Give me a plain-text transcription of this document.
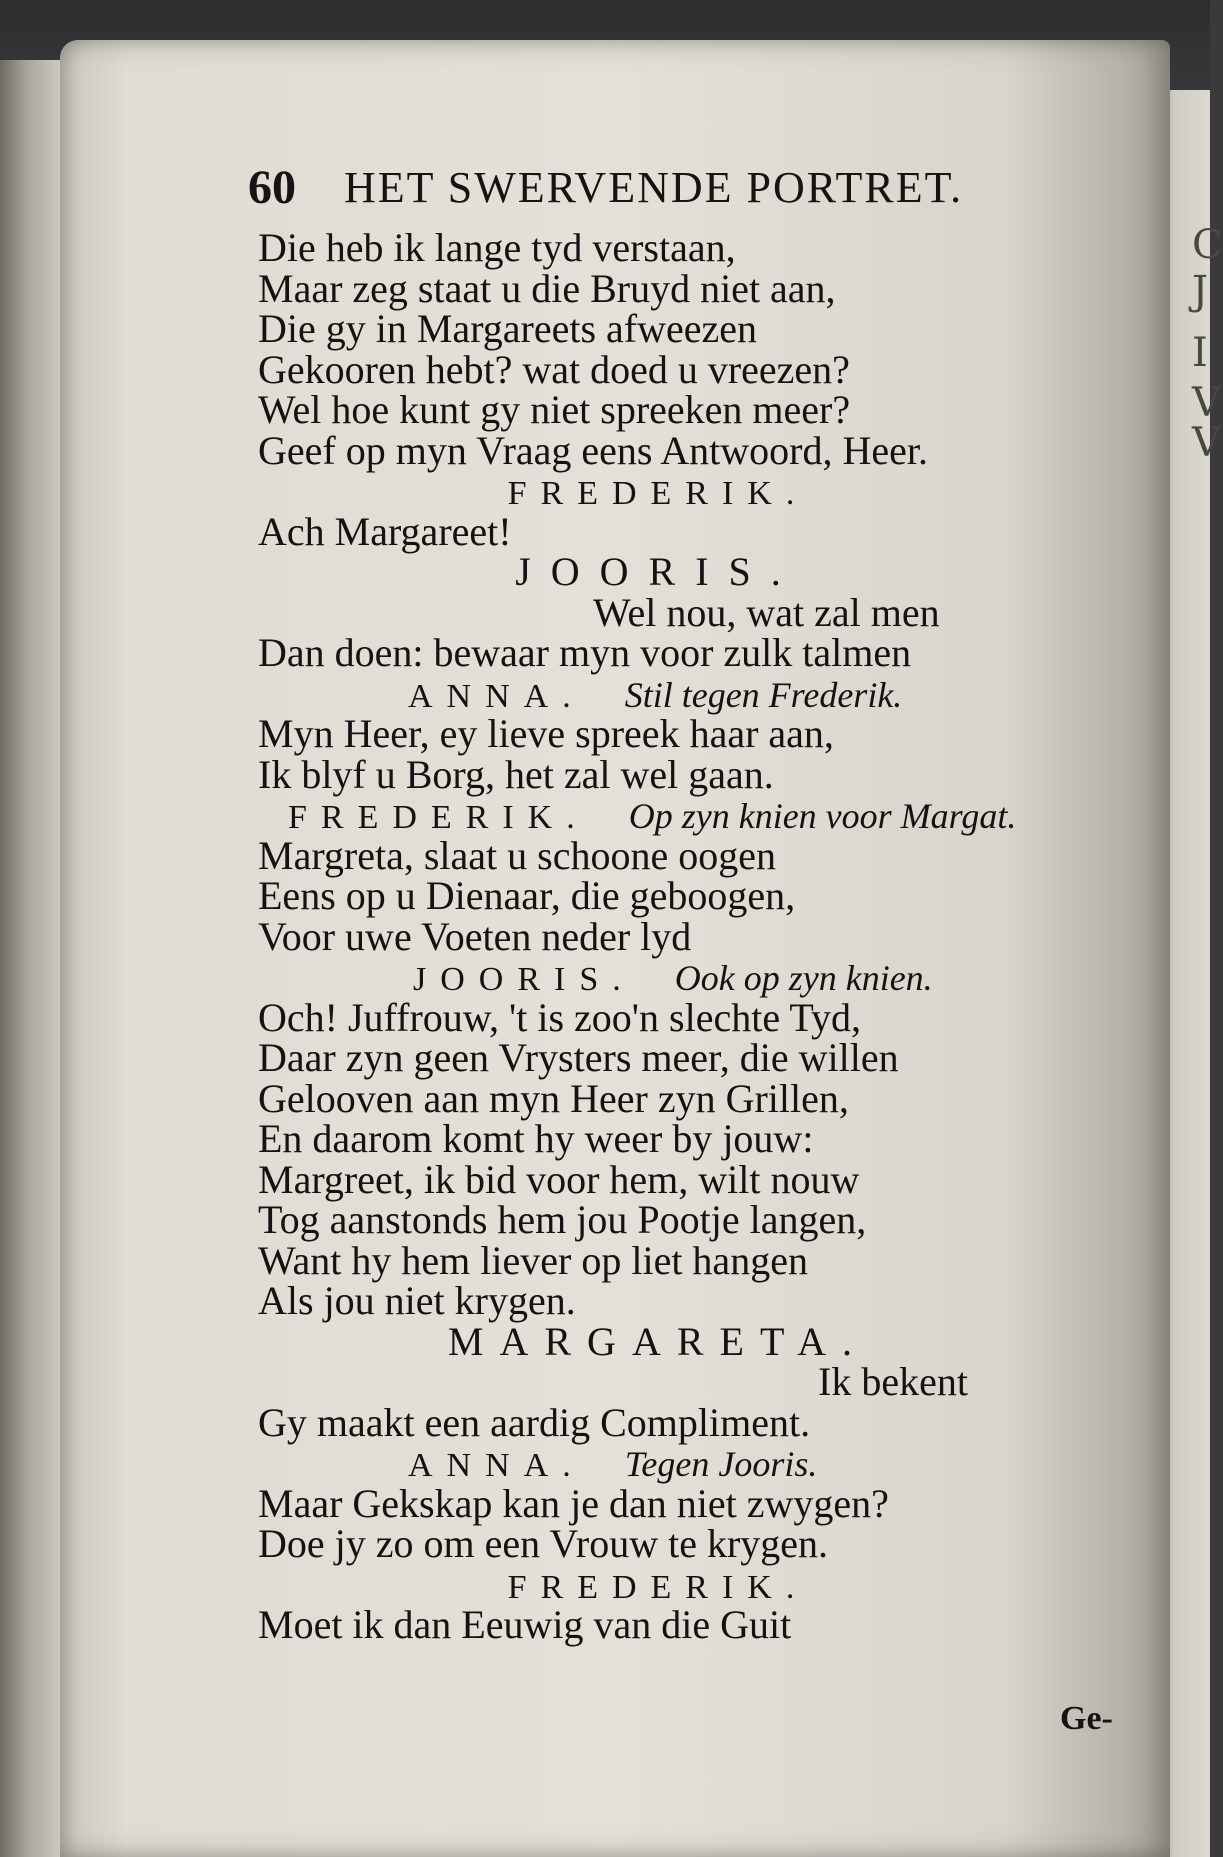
C
J
I
V
V
60 HET SWERVENDE PORTRET.
Die heb ik lange tyd verstaan,
Maar zeg staat u die Bruyd niet aan,
Die gy in Margareets afweezen
Gekooren hebt? wat doed u vreezen?
Wel hoe kunt gy niet spreeken meer?
Geef op myn Vraag eens Antwoord, Heer.
FREDERIK.
Ach Margareet!
JOORIS.
Wel nou, wat zal men
Dan doen: bewaar myn voor zulk talmen
ANNA. Stil tegen Frederik.
Myn Heer, ey lieve spreek haar aan,
Ik blyf u Borg, het zal wel gaan.
FREDERIK. Op zyn knien voor Margat.
Margreta, slaat u schoone oogen
Eens op u Dienaar, die geboogen,
Voor uwe Voeten neder lyd
JOORIS. Ook op zyn knien.
Och! Juffrouw, 't is zoo'n slechte Tyd,
Daar zyn geen Vrysters meer, die willen
Gelooven aan myn Heer zyn Grillen,
En daarom komt hy weer by jouw:
Margreet, ik bid voor hem, wilt nouw
Tog aanstonds hem jou Pootje langen,
Want hy hem liever op liet hangen
Als jou niet krygen.
MARGARETA.
Ik bekent
Gy maakt een aardig Compliment.
ANNA. Tegen Jooris.
Maar Gekskap kan je dan niet zwygen?
Doe jy zo om een Vrouw te krygen.
FREDERIK.
Moet ik dan Eeuwig van die Guit
Ge-
